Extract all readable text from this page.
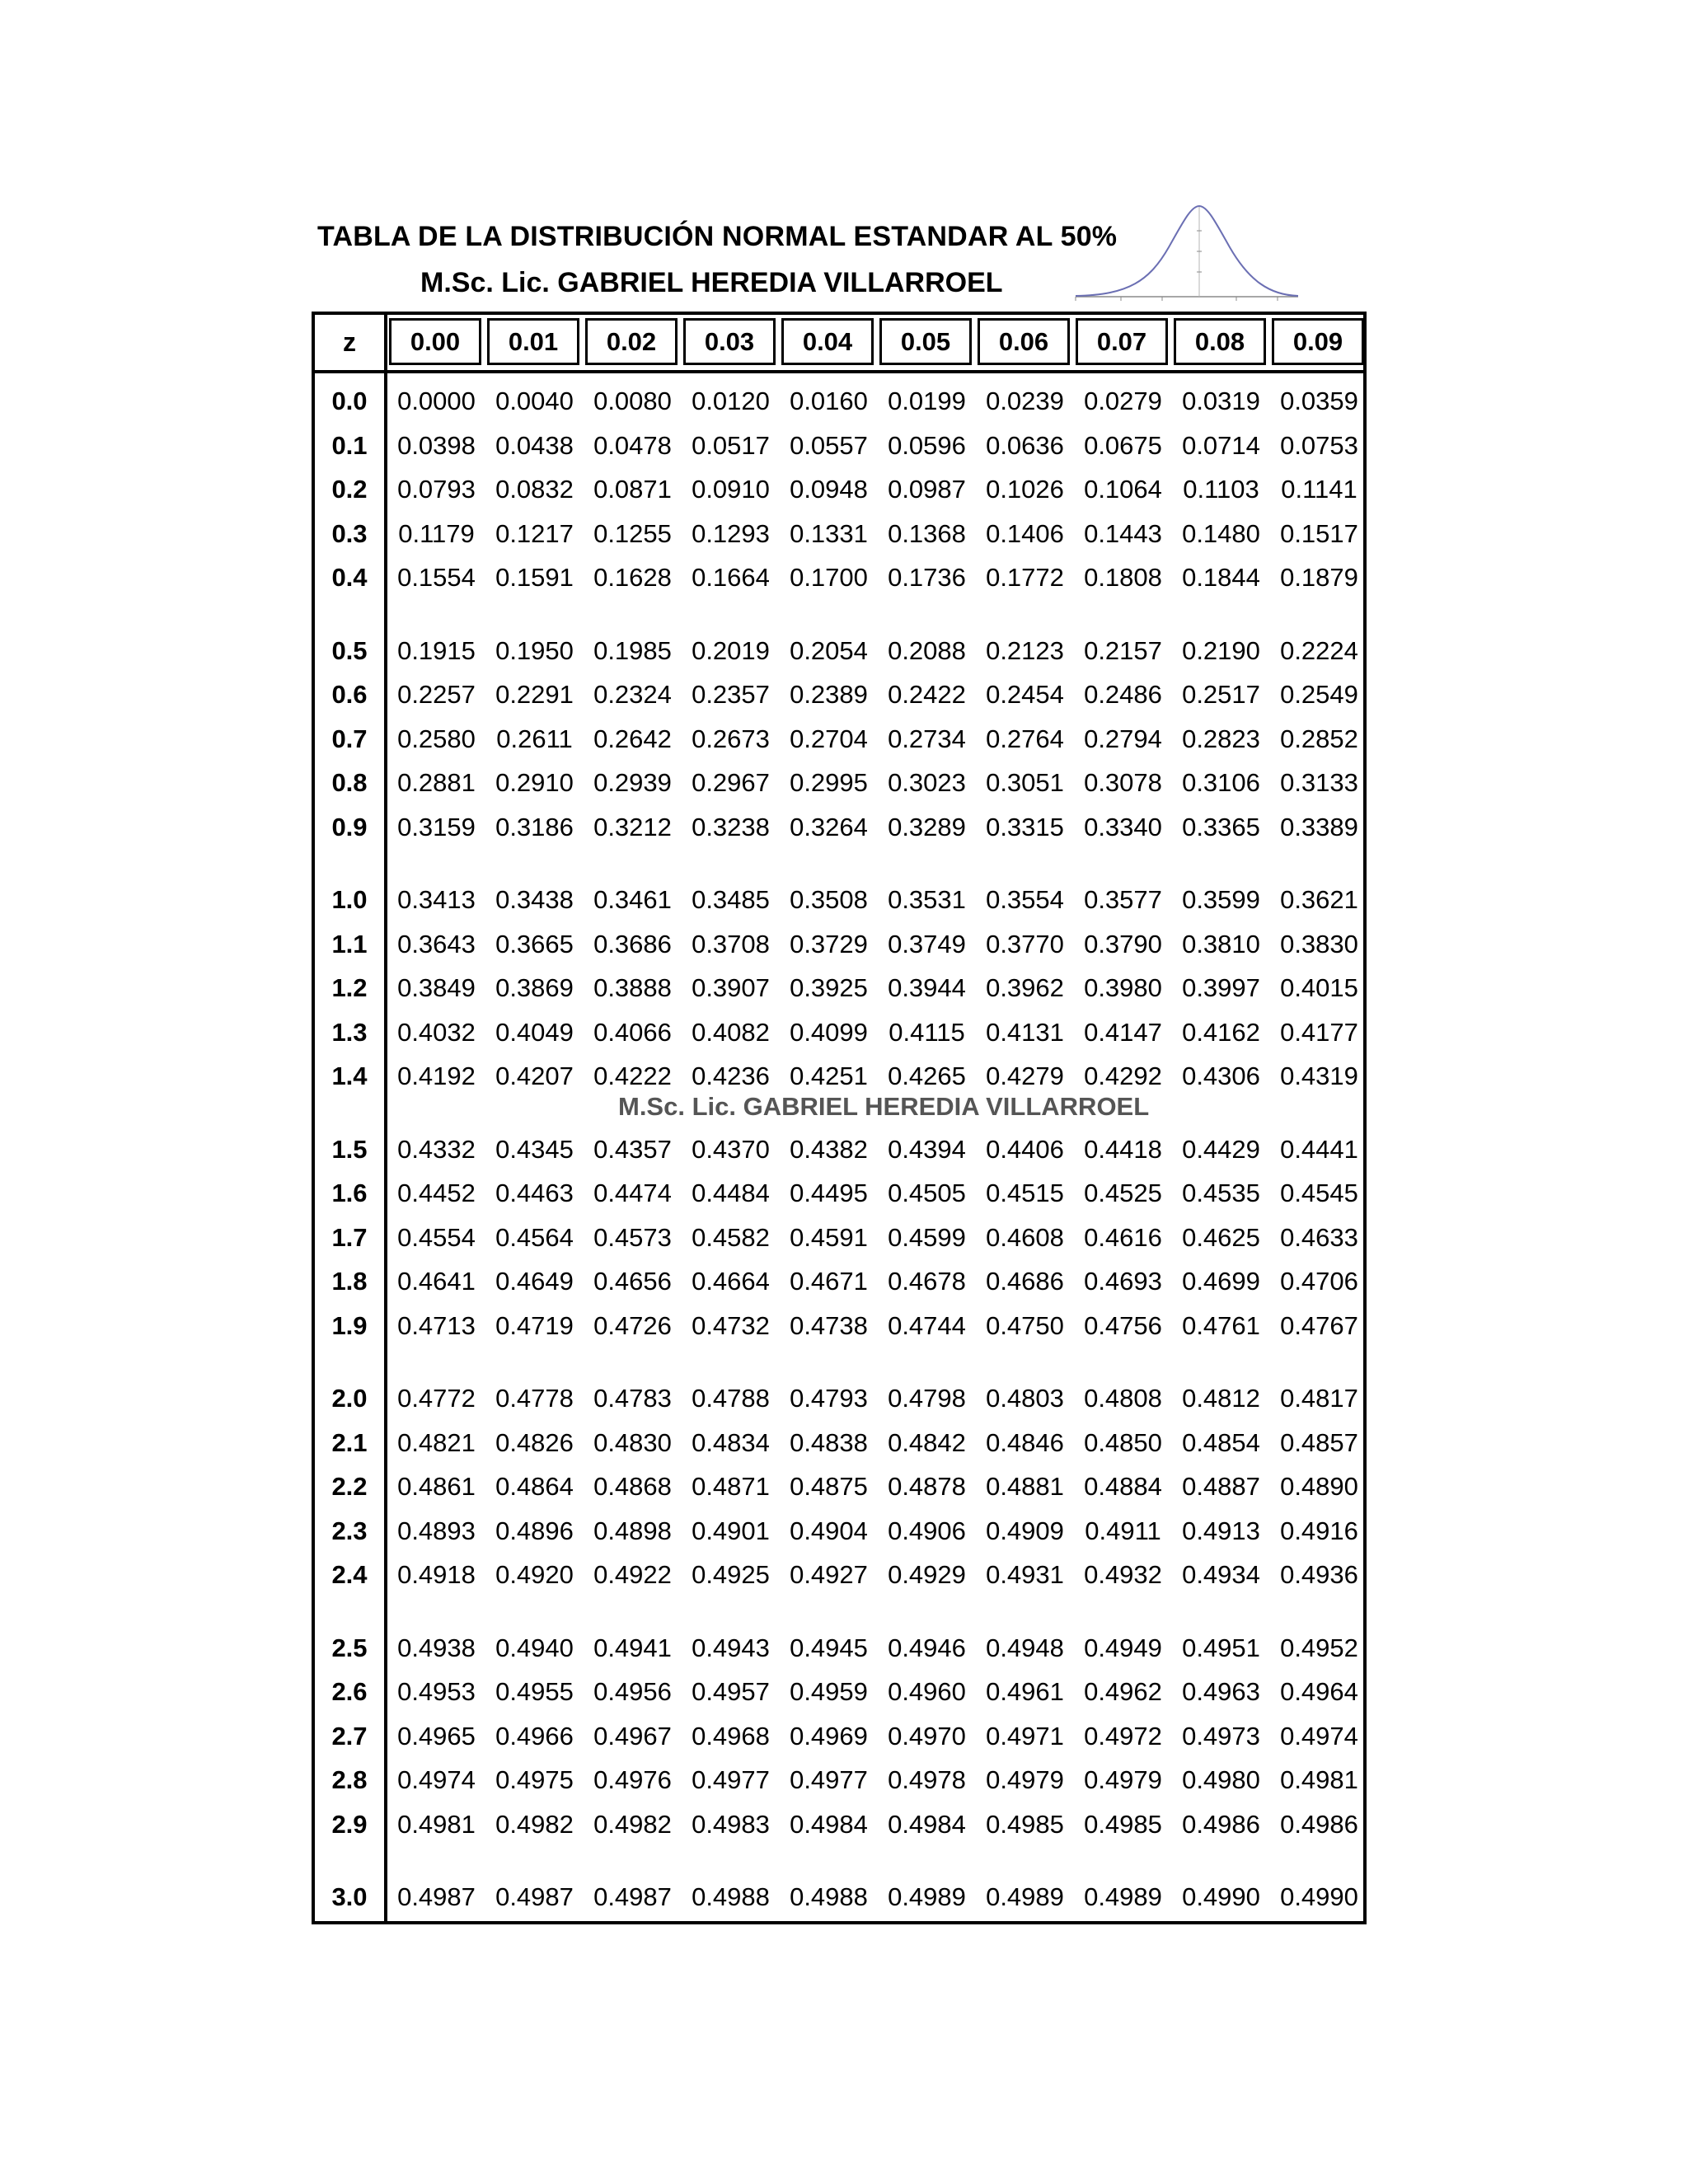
TABLA DE LA DISTRIBUCIÓN NORMAL ESTANDAR AL 50%
M.Sc. Lic. GABRIEL HEREDIA VILLARROEL
z	0.00	0.01	0.02	0.03	0.04	0.05	0.06	0.07	0.08	0.09
0.0	0.0000 0.0040 0.0080 0.0120 0.0160 0.0199 0.0239 0.0279 0.0319 0.0359
0.1	0.0398 0.0438 0.0478 0.0517 0.0557 0.0596 0.0636 0.0675 0.0714 0.0753
0.2	0.0793 0.0832 0.0871 0.0910 0.0948 0.0987 0.1026 0.1064 0.1103 0.1141
0.3	0.1179 0.1217 0.1255 0.1293 0.1331 0.1368 0.1406 0.1443 0.1480 0.1517
0.4	0.1554 0.1591 0.1628 0.1664 0.1700 0.1736 0.1772 0.1808 0.1844 0.1879
0.5	0.1915 0.1950 0.1985 0.2019 0.2054 0.2088 0.2123 0.2157 0.2190 0.2224
0.6	0.2257 0.2291 0.2324 0.2357 0.2389 0.2422 0.2454 0.2486 0.2517 0.2549
0.7	0.2580 0.2611 0.2642 0.2673 0.2704 0.2734 0.2764 0.2794 0.2823 0.2852
0.8	0.2881 0.2910 0.2939 0.2967 0.2995 0.3023 0.3051 0.3078 0.3106 0.3133
0.9	0.3159 0.3186 0.3212 0.3238 0.3264 0.3289 0.3315 0.3340 0.3365 0.3389
1.0	0.3413 0.3438 0.3461 0.3485 0.3508 0.3531 0.3554 0.3577 0.3599 0.3621
1.1	0.3643 0.3665 0.3686 0.3708 0.3729 0.3749 0.3770 0.3790 0.3810 0.3830
1.2	0.3849 0.3869 0.3888 0.3907 0.3925 0.3944 0.3962 0.3980 0.3997 0.4015
1.3	0.4032 0.4049 0.4066 0.4082 0.4099 0.4115 0.4131 0.4147 0.4162 0.4177
1.4	0.4192 0.4207 0.4222 0.4236 0.4251 0.4265 0.4279 0.4292 0.4306 0.4319
1.5	0.4332 0.4345 0.4357 0.4370 0.4382 0.4394 0.4406 0.4418 0.4429 0.4441
1.6	0.4452 0.4463 0.4474 0.4484 0.4495 0.4505 0.4515 0.4525 0.4535 0.4545
1.7	0.4554 0.4564 0.4573 0.4582 0.4591 0.4599 0.4608 0.4616 0.4625 0.4633
1.8	0.4641 0.4649 0.4656 0.4664 0.4671 0.4678 0.4686 0.4693 0.4699 0.4706
1.9	0.4713 0.4719 0.4726 0.4732 0.4738 0.4744 0.4750 0.4756 0.4761 0.4767
2.0	0.4772 0.4778 0.4783 0.4788 0.4793 0.4798 0.4803 0.4808 0.4812 0.4817
2.1	0.4821 0.4826 0.4830 0.4834 0.4838 0.4842 0.4846 0.4850 0.4854 0.4857
2.2	0.4861 0.4864 0.4868 0.4871 0.4875 0.4878 0.4881 0.4884 0.4887 0.4890
2.3	0.4893 0.4896 0.4898 0.4901 0.4904 0.4906 0.4909 0.4911 0.4913 0.4916
2.4	0.4918 0.4920 0.4922 0.4925 0.4927 0.4929 0.4931 0.4932 0.4934 0.4936
2.5	0.4938 0.4940 0.4941 0.4943 0.4945 0.4946 0.4948 0.4949 0.4951 0.4952
2.6	0.4953 0.4955 0.4956 0.4957 0.4959 0.4960 0.4961 0.4962 0.4963 0.4964
2.7	0.4965 0.4966 0.4967 0.4968 0.4969 0.4970 0.4971 0.4972 0.4973 0.4974
2.8	0.4974 0.4975 0.4976 0.4977 0.4977 0.4978 0.4979 0.4979 0.4980 0.4981
2.9	0.4981 0.4982 0.4982 0.4983 0.4984 0.4984 0.4985 0.4985 0.4986 0.4986
3.0	0.4987 0.4987 0.4987 0.4988 0.4988 0.4989 0.4989 0.4989 0.4990 0.4990
M.Sc. Lic. GABRIEL HEREDIA VILLARROEL
